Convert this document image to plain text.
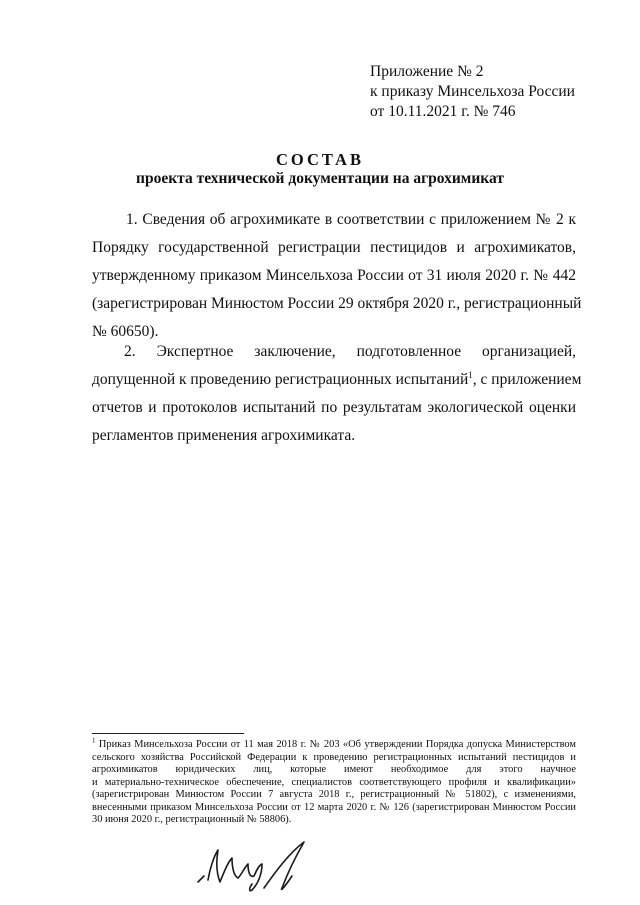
Приложение № 2
к приказу Минсельхоза России
от 10.11.2021 г. № 746
СОСТАВ
проекта технической документации на агрохимикат
1. Сведения об агрохимикате в соответствии с приложением № 2 к
Порядку государственной регистрации пестицидов и агрохимикатов,
утвержденному приказом Минсельхоза России от 31 июля 2020 г. № 442
(зарегистрирован Минюстом России 29 октября 2020 г., регистрационный
№ 60650).
2. Экспертное заключение, подготовленное организацией,
допущенной к проведению регистрационных испытаний$^1$, с приложением
отчетов и протоколов испытаний по результатам экологической оценки
регламентов применения агрохимиката.
$^1$ Приказ Минсельхоза России от 11 мая 2018 г. № 203 «Об утверждении Порядка допуска Министерством
сельского хозяйства Российской Федерации к проведению регистрационных испытаний пестицидов и
агрохимикатов юридических лиц, которые имеют необходимое для этого научное
и материально-техническое обеспечение, специалистов соответствующего профиля и квалификации»
(зарегистрирован Минюстом России 7 августа 2018 г., регистрационный № 51802), с изменениями,
внесенными приказом Минсельхоза России от 12 марта 2020 г. № 126 (зарегистрирован Минюстом России
30 июня 2020 г., регистрационный № 58806).
